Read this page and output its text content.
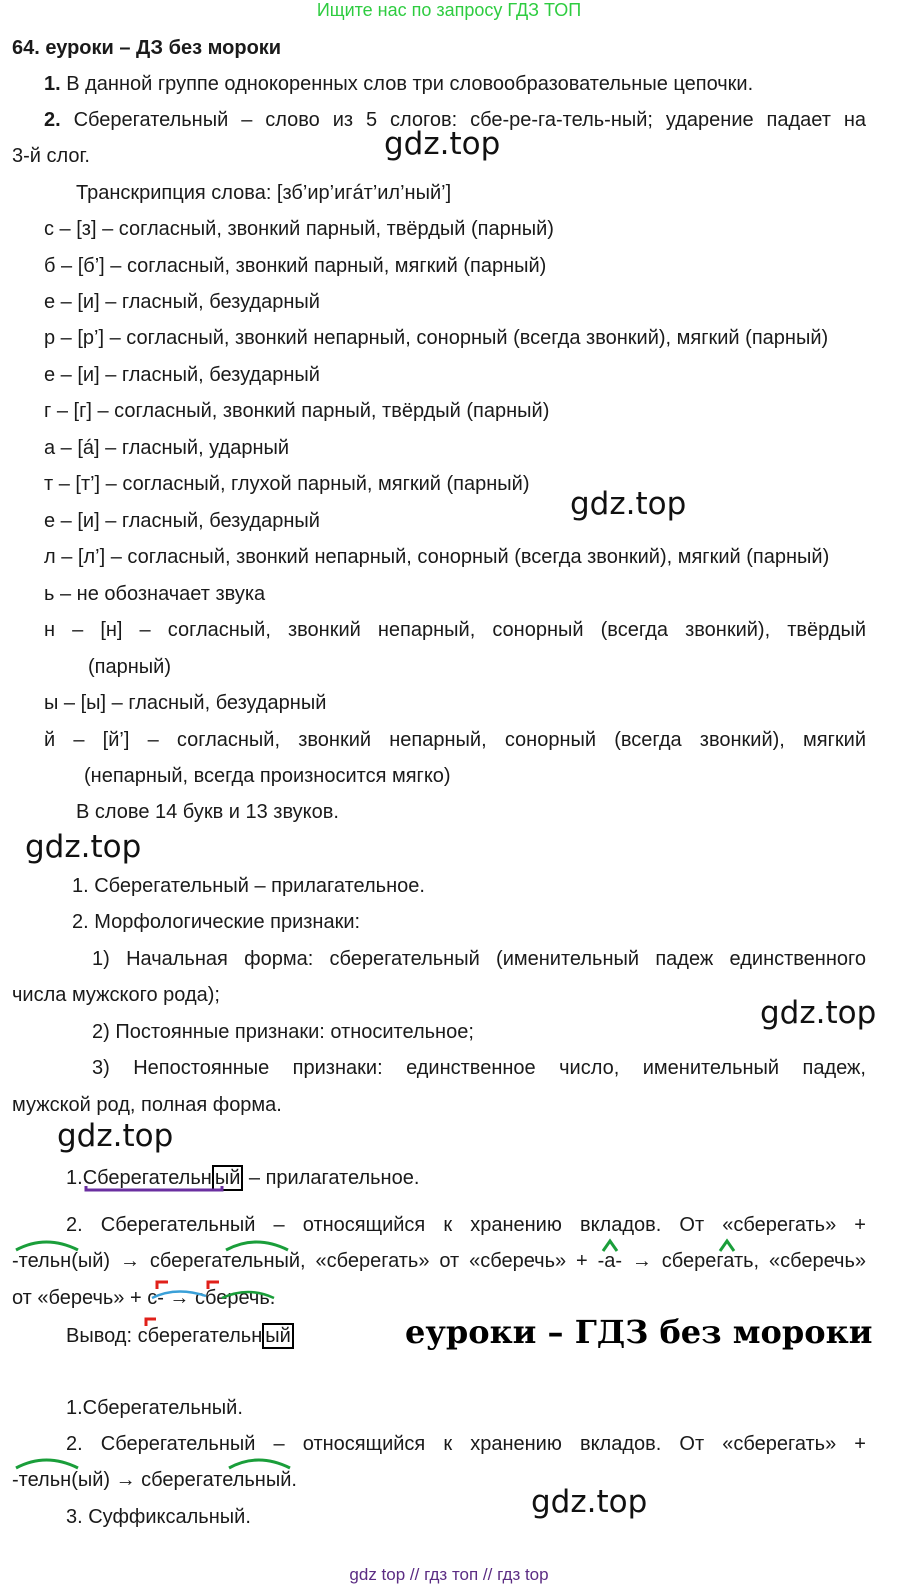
Ищите нас по запросу ГДЗ ТОП
64. еуроки – ДЗ без мороки
1. В данной группе однокоренных слов три словообразовательные цепочки.
2. Сберегательный – слово из 5 слогов: сбе-ре-га-тель-ный; ударение падает на
3-й слог.
Транскрипция слова: [зб’ир’игáт’ил’ный’]
с – [з] – согласный, звонкий парный, твёрдый (парный)
б – [б’] – согласный, звонкий парный, мягкий (парный)
е – [и] – гласный, безударный
р – [р’] – согласный, звонкий непарный, сонорный (всегда звонкий), мягкий (парный)
е – [и] – гласный, безударный
г – [г] – согласный, звонкий парный, твёрдый (парный)
а – [á] – гласный, ударный
т – [т’] – согласный, глухой парный, мягкий (парный)
е – [и] – гласный, безударный
л – [л’] – согласный, звонкий непарный, сонорный (всегда звонкий), мягкий (парный)
ь – не обозначает звука
н – [н] – согласный, звонкий непарный, сонорный (всегда звонкий), твёрдый
(парный)
ы – [ы] – гласный, безударный
й – [й’] – согласный, звонкий непарный, сонорный (всегда звонкий), мягкий
(непарный, всегда произносится мягко)
В слове 14 букв и 13 звуков.
1. Сберегательный – прилагательное.
2. Морфологические признаки:
1) Начальная форма: сберегательный (именительный падеж единственного
числа мужского рода);
2) Постоянные признаки: относительное;
3) Непостоянные признаки: единственное число, именительный падеж,
мужской род, полная форма.
1.Сберегательн ый – прилагательное.
2. Сберегательный – относящийся к хранению вкладов. От «сберегать» +
-тельн(ый) → сберегательный, «сберегать» от «сберечь» + -а- → сберегать, «сберечь»
от «беречь» + с- → сберечь.
Вывод: сберегательн ый
1.Сберегательный.
2. Сберегательный – относящийся к хранению вкладов. От «сберегать» +
-тельн(ый) → сберегательный.
3. Суффиксальный.
gdz.top
gdz.top
gdz.top
gdz.top
gdz.top
еуроки – ГДЗ без мороки
gdz.top
gdz top // гдз топ // гдз top
